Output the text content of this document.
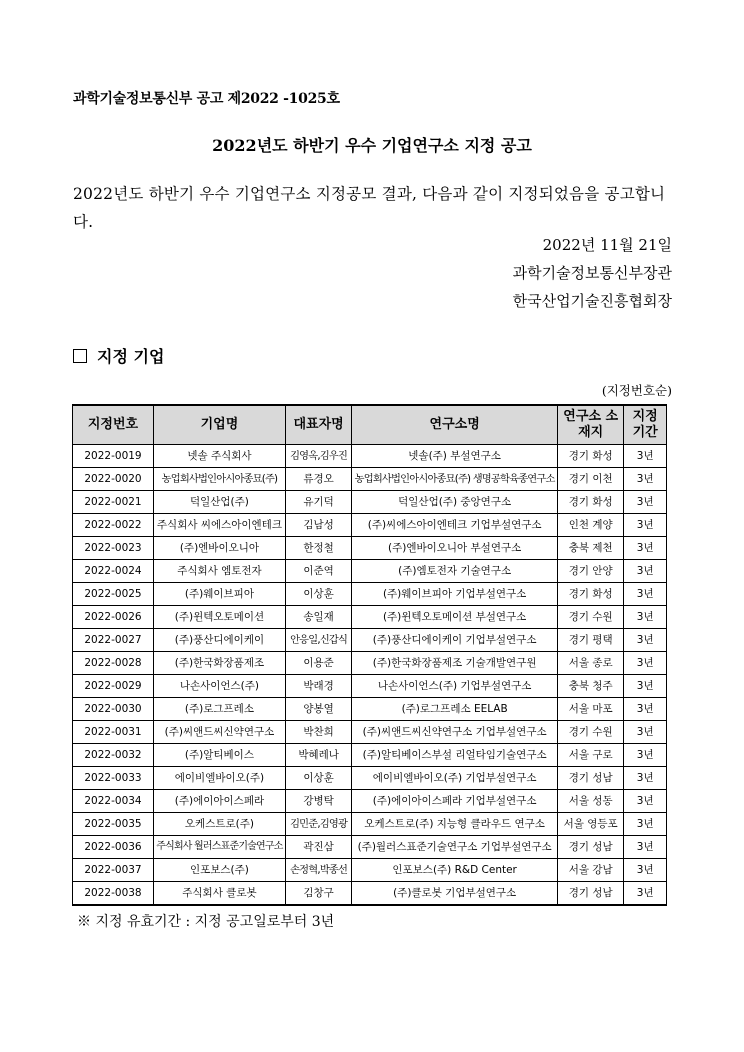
과학기술정보통신부 공고 제2022 -1025호
2022년도 하반기 우수 기업연구소 지정 공고
2022년도 하반기 우수 기업연구소 지정공모 결과, 다음과 같이 지정되었음을 공고합니다.
2022년 11월 21일
과학기술정보통신부장관
한국산업기술진흥협회장
지정 기업
(지정번호순)
지정번호	기업명	대표자명	연구소명	연구소 소재지	지정 기간
2022-0019	넷솔 주식회사	김영옥,김우진	넷솔(주) 부설연구소	경기 화성	3년
2022-0020	농업회사법인아시아종묘(주)	류경오	농업회사법인아시아종묘(주) 생명공학육종연구소	경기 이천	3년
2022-0021	덕일산업(주)	유기덕	덕일산업(주) 중앙연구소	경기 화성	3년
2022-0022	주식회사 씨에스아이엔테크	김남성	(주)씨에스아이엔테크 기업부설연구소	인천 계양	3년
2022-0023	(주)엔바이오니아	한정철	(주)엔바이오니아 부설연구소	충북 제천	3년
2022-0024	주식회사 엠토전자	이준역	(주)엠토전자 기술연구소	경기 안양	3년
2022-0025	(주)웨이브피아	이상훈	(주)웨이브피아 기업부설연구소	경기 화성	3년
2022-0026	(주)윈텍오토메이션	송일재	(주)윈텍오토메이션 부설연구소	경기 수원	3년
2022-0027	(주)풍산디에이케이	안응일,신갑식	(주)풍산디에이케이 기업부설연구소	경기 평택	3년
2022-0028	(주)한국화장품제조	이용준	(주)한국화장품제조 기술개발연구원	서울 종로	3년
2022-0029	나손사이언스(주)	박래경	나손사이언스(주) 기업부설연구소	충북 청주	3년
2022-0030	(주)로그프레소	양봉열	(주)로그프레소 EELAB	서울 마포	3년
2022-0031	(주)씨앤드씨신약연구소	박찬희	(주)씨앤드씨신약연구소 기업부설연구소	경기 수원	3년
2022-0032	(주)알티베이스	박혜레나	(주)알티베이스부설 리얼타임기술연구소	서울 구로	3년
2022-0033	에이비엘바이오(주)	이상훈	에이비엘바이오(주) 기업부설연구소	경기 성남	3년
2022-0034	(주)에이아이스페라	강병탁	(주)에이아이스페라 기업부설연구소	서울 성동	3년
2022-0035	오케스트로(주)	김민준,김영광	오케스트로(주) 지능형 클라우드 연구소	서울 영등포	3년
2022-0036	주식회사 월러스표준기술연구소	곽진삼	(주)월러스표준기술연구소 기업부설연구소	경기 성남	3년
2022-0037	인포보스(주)	손정혁,박종선	인포보스(주) R&D Center	서울 강남	3년
2022-0038	주식회사 클로봇	김창구	(주)클로봇 기업부설연구소	경기 성남	3년
※ 지정 유효기간 : 지정 공고일로부터 3년
